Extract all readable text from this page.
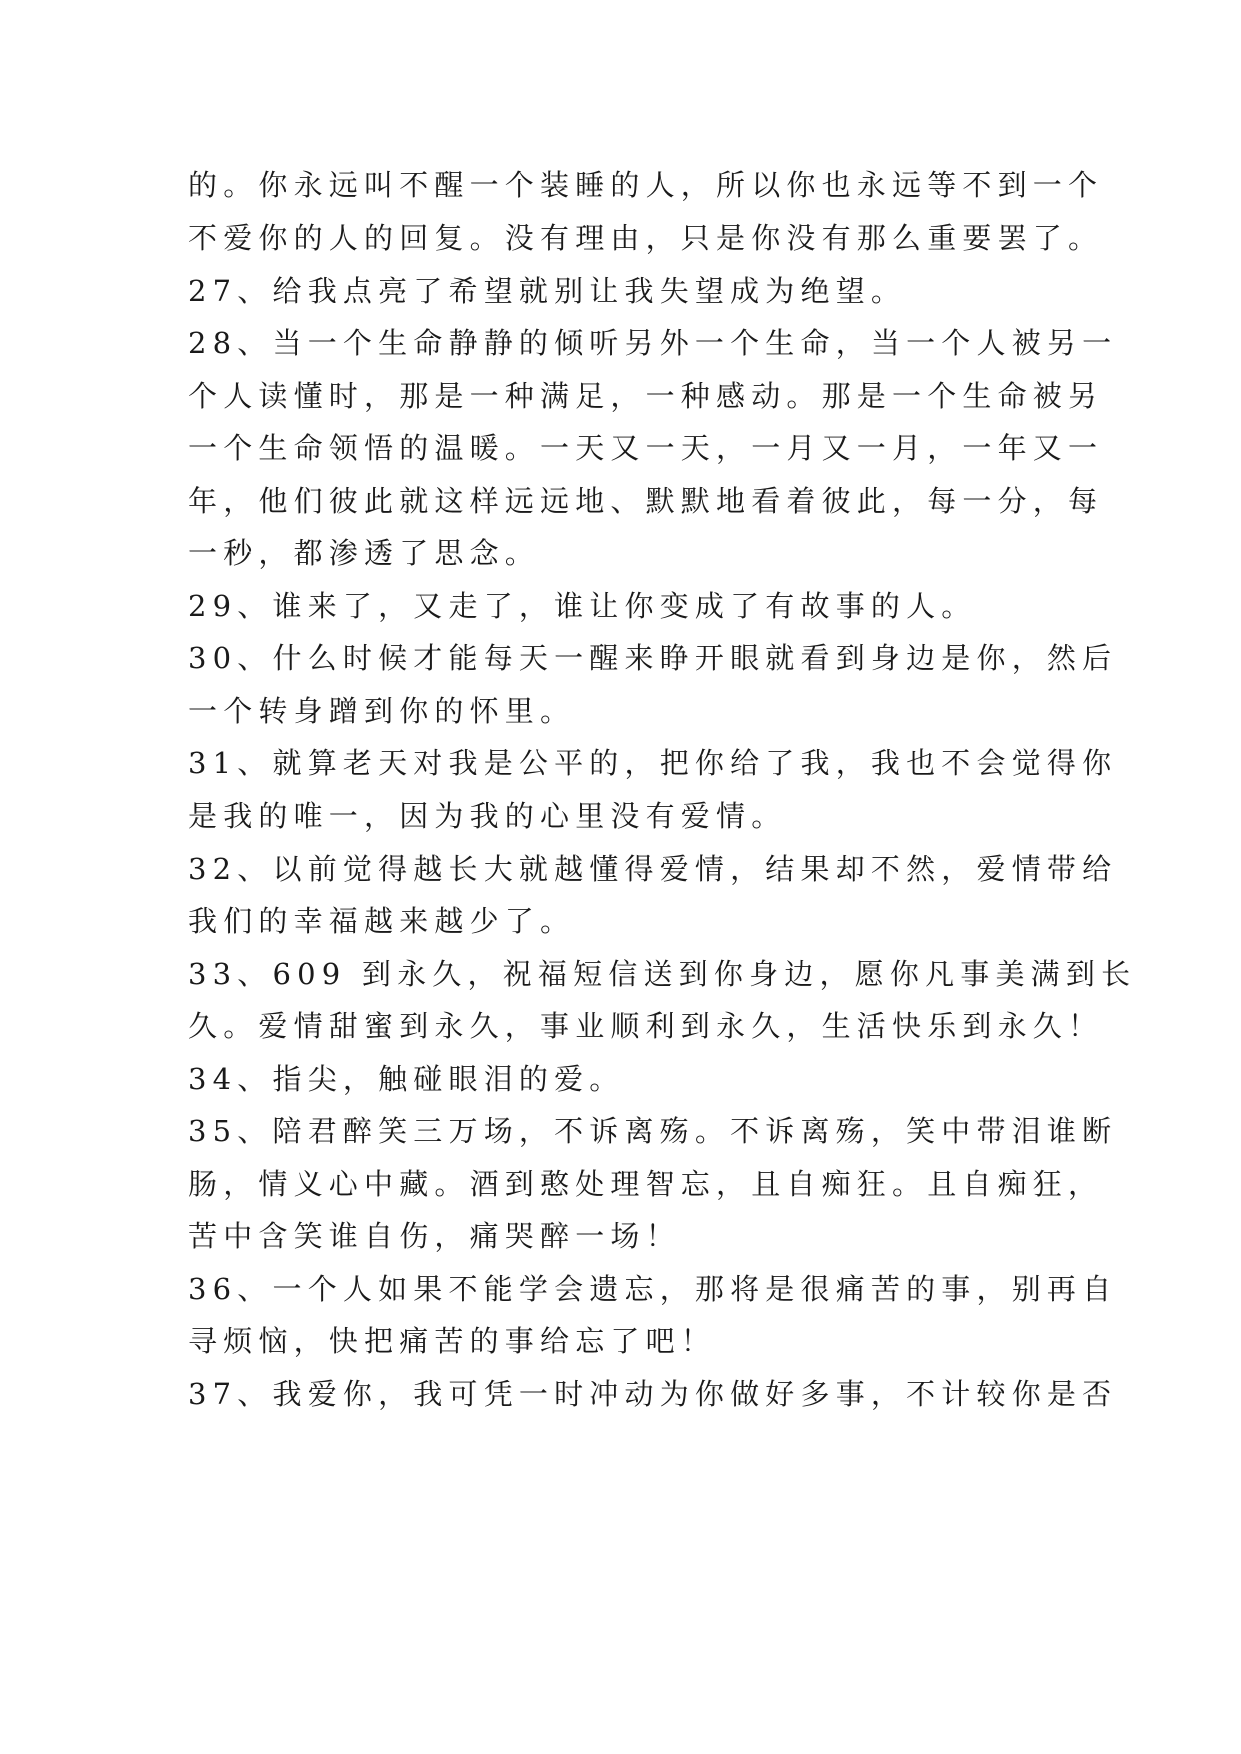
的。你永远叫不醒一个装睡的人，所以你也永远等不到一个
不爱你的人的回复。没有理由，只是你没有那么重要罢了。
27、给我点亮了希望就别让我失望成为绝望。
28、当一个生命静静的倾听另外一个生命，当一个人被另一
个人读懂时，那是一种满足，一种感动。那是一个生命被另
一个生命领悟的温暖。一天又一天，一月又一月，一年又一
年，他们彼此就这样远远地、默默地看着彼此，每一分，每
一秒，都渗透了思念。
29、谁来了，又走了，谁让你变成了有故事的人。
30、什么时候才能每天一醒来睁开眼就看到身边是你，然后
一个转身蹭到你的怀里。
31、就算老天对我是公平的，把你给了我，我也不会觉得你
是我的唯一，因为我的心里没有爱情。
32、以前觉得越长大就越懂得爱情，结果却不然，爱情带给
我们的幸福越来越少了。
33、609 到永久，祝福短信送到你身边，愿你凡事美满到长
久。爱情甜蜜到永久，事业顺利到永久，生活快乐到永久！
34、指尖，触碰眼泪的爱。
35、陪君醉笑三万场，不诉离殇。不诉离殇，笑中带泪谁断
肠，情义心中藏。酒到憨处理智忘，且自痴狂。且自痴狂，
苦中含笑谁自伤，痛哭醉一场！
36、一个人如果不能学会遗忘，那将是很痛苦的事，别再自
寻烦恼，快把痛苦的事给忘了吧！
37、我爱你，我可凭一时冲动为你做好多事，不计较你是否
